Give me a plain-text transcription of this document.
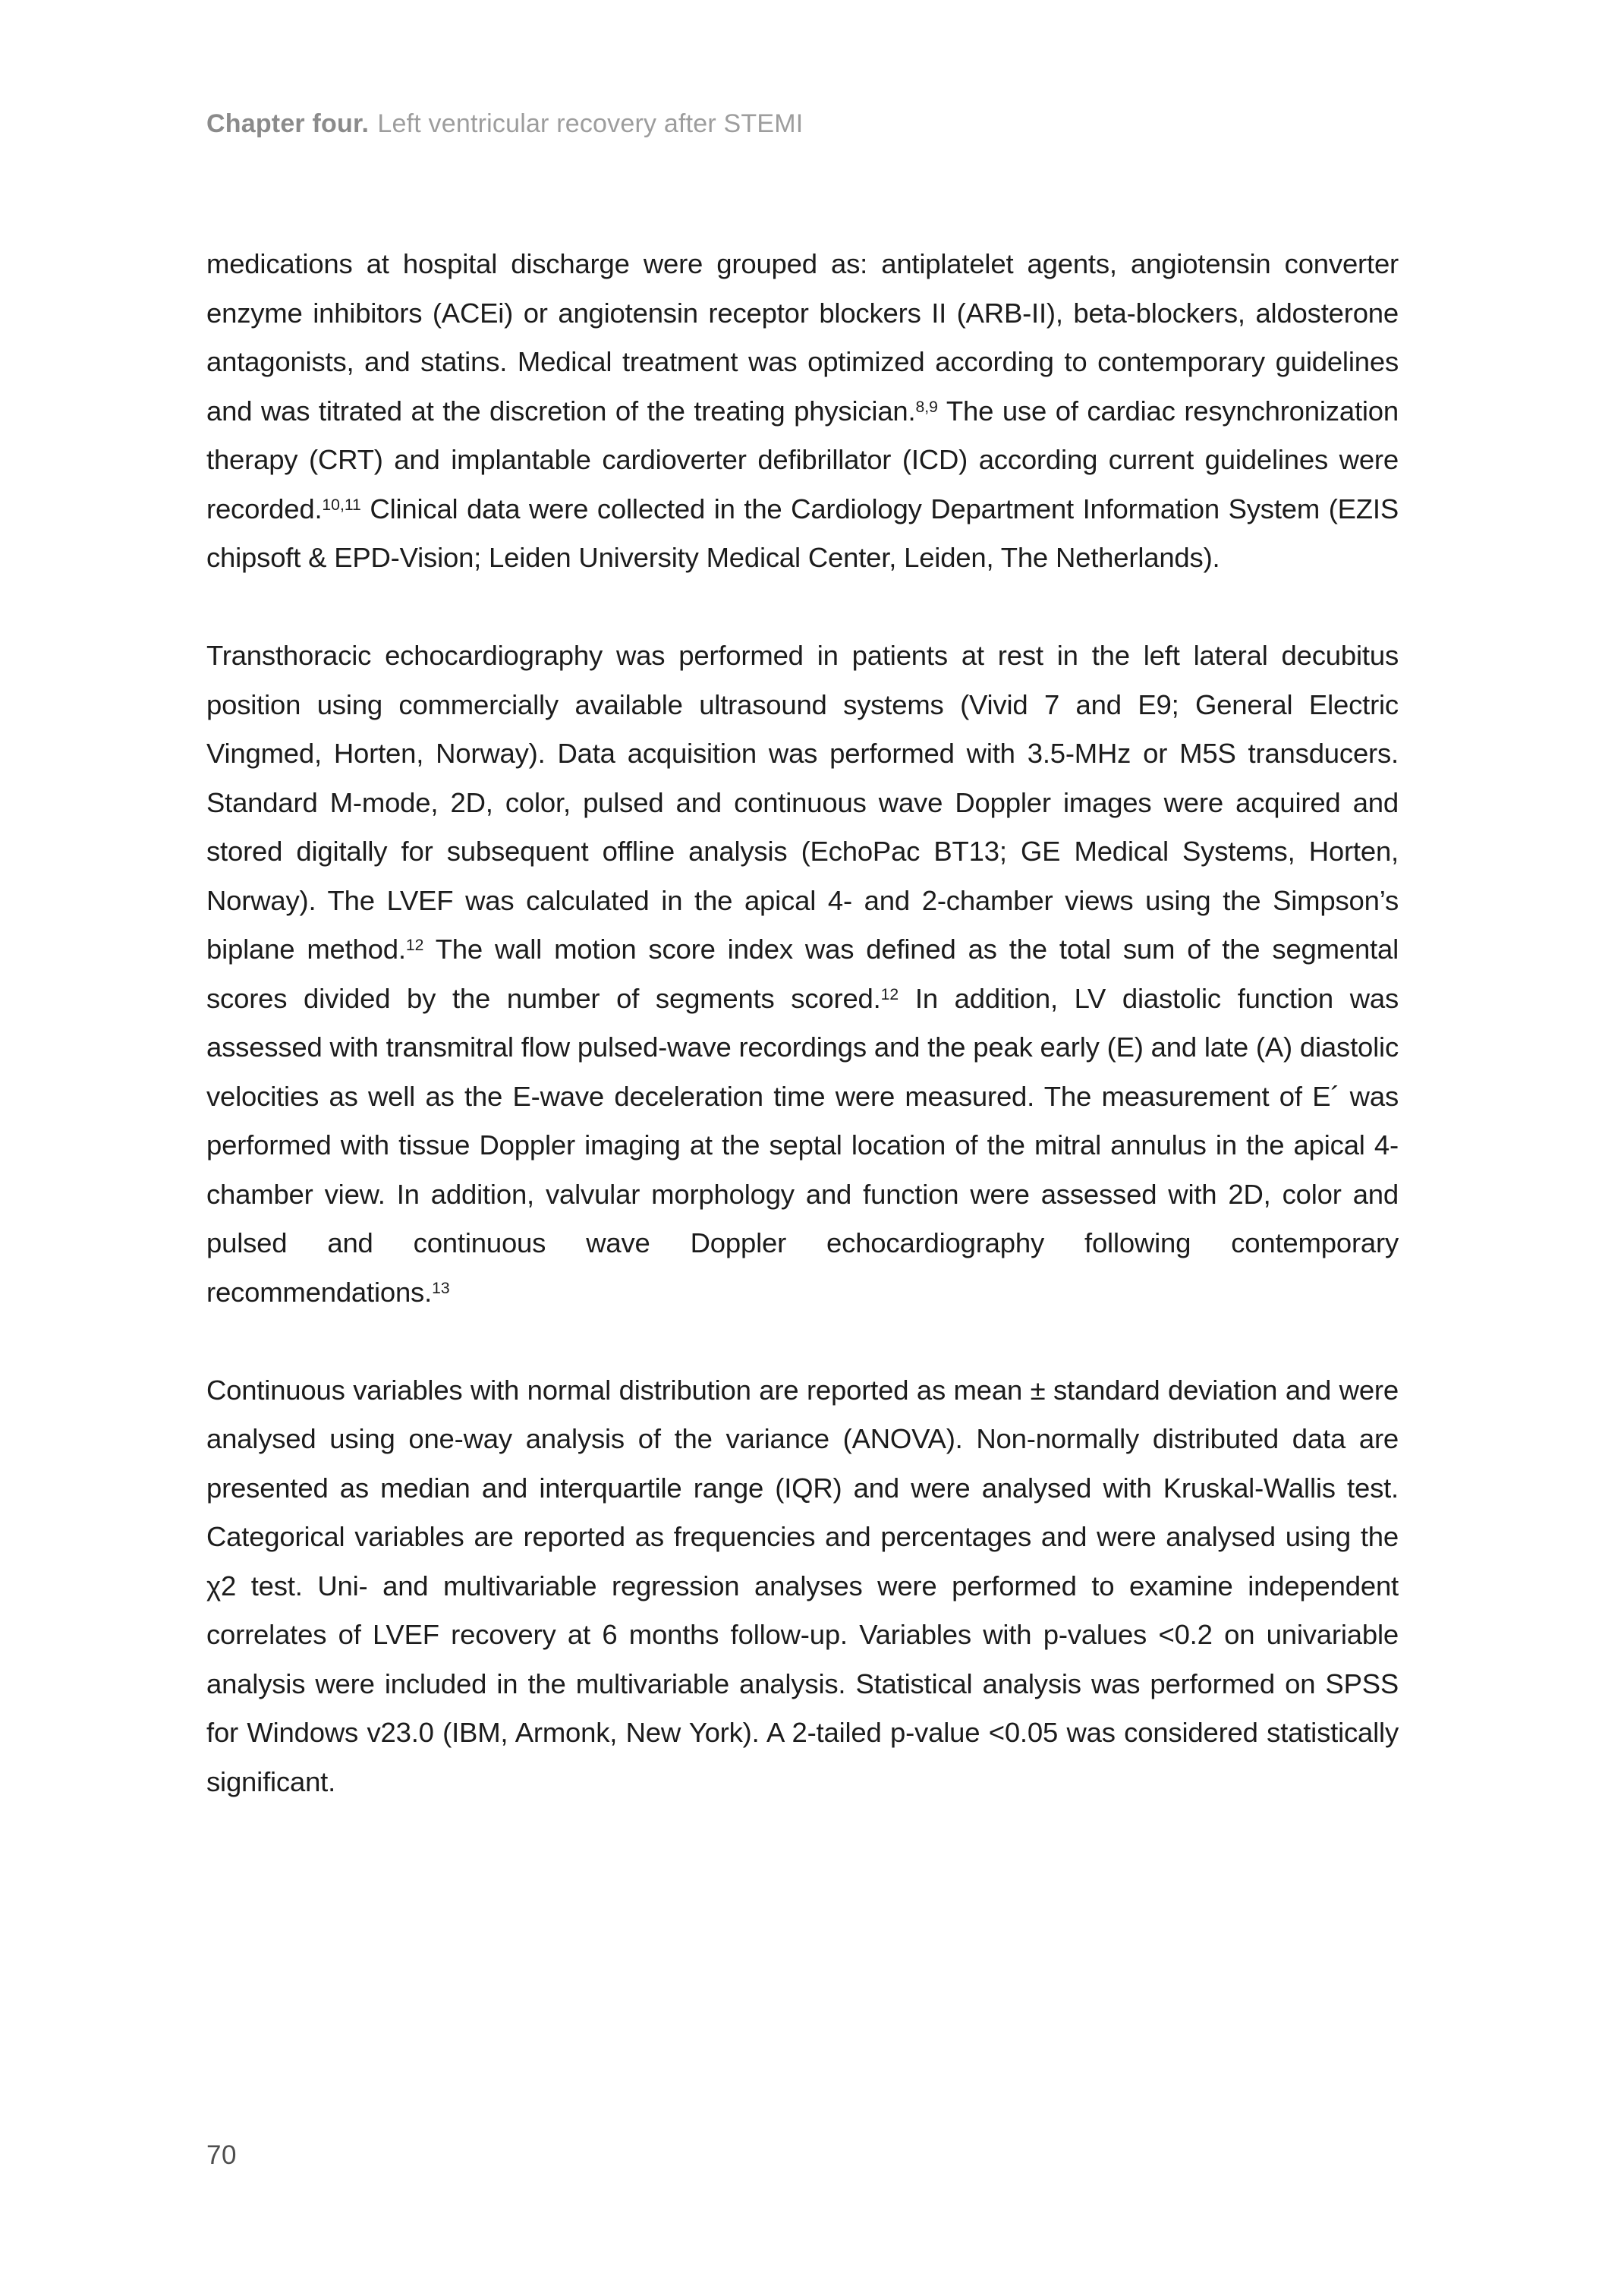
Chapter four. Left ventricular recovery after STEMI

medications at hospital discharge were grouped as: antiplatelet agents, angiotensin converter enzyme inhibitors (ACEi) or angiotensin receptor blockers II (ARB-II), beta-blockers, aldosterone antagonists, and statins. Medical treatment was optimized according to contemporary guidelines and was titrated at the discretion of the treating physician.$^{8,9}$ The use of cardiac resynchronization therapy (CRT) and implantable cardioverter defibrillator (ICD) according current guidelines were recorded.$^{10,11}$ Clinical data were collected in the Cardiology Department Information System (EZIS chipsoft & EPD-Vision; Leiden University Medical Center, Leiden, The Netherlands).

Transthoracic echocardiography was performed in patients at rest in the left lateral decubitus position using commercially available ultrasound systems (Vivid 7 and E9; General Electric Vingmed, Horten, Norway). Data acquisition was performed with 3.5-MHz or M5S transducers. Standard M-mode, 2D, color, pulsed and continuous wave Doppler images were acquired and stored digitally for subsequent offline analysis (EchoPac BT13; GE Medical Systems, Horten, Norway). The LVEF was calculated in the apical 4- and 2-chamber views using the Simpson’s biplane method.$^{12}$ The wall motion score index was defined as the total sum of the segmental scores divided by the number of segments scored.$^{12}$ In addition, LV diastolic function was assessed with transmitral flow pulsed-wave recordings and the peak early (E) and late (A) diastolic velocities as well as the E-wave deceleration time were measured. The measurement of E´ was performed with tissue Doppler imaging at the septal location of the mitral annulus in the apical 4-chamber view. In addition, valvular morphology and function were assessed with 2D, color and pulsed and continuous wave Doppler echocardiography following contemporary recommendations.$^{13}$

Continuous variables with normal distribution are reported as mean ± standard deviation and were analysed using one-way analysis of the variance (ANOVA). Non-normally distributed data are presented as median and interquartile range (IQR) and were analysed with Kruskal-Wallis test. Categorical variables are reported as frequencies and percentages and were analysed using the χ2 test. Uni- and multivariable regression analyses were performed to examine independent correlates of LVEF recovery at 6 months follow-up. Variables with p-values <0.2 on univariable analysis were included in the multivariable analysis. Statistical analysis was performed on SPSS for Windows v23.0 (IBM, Armonk, New York). A 2-tailed p-value <0.05 was considered statistically significant.

70
